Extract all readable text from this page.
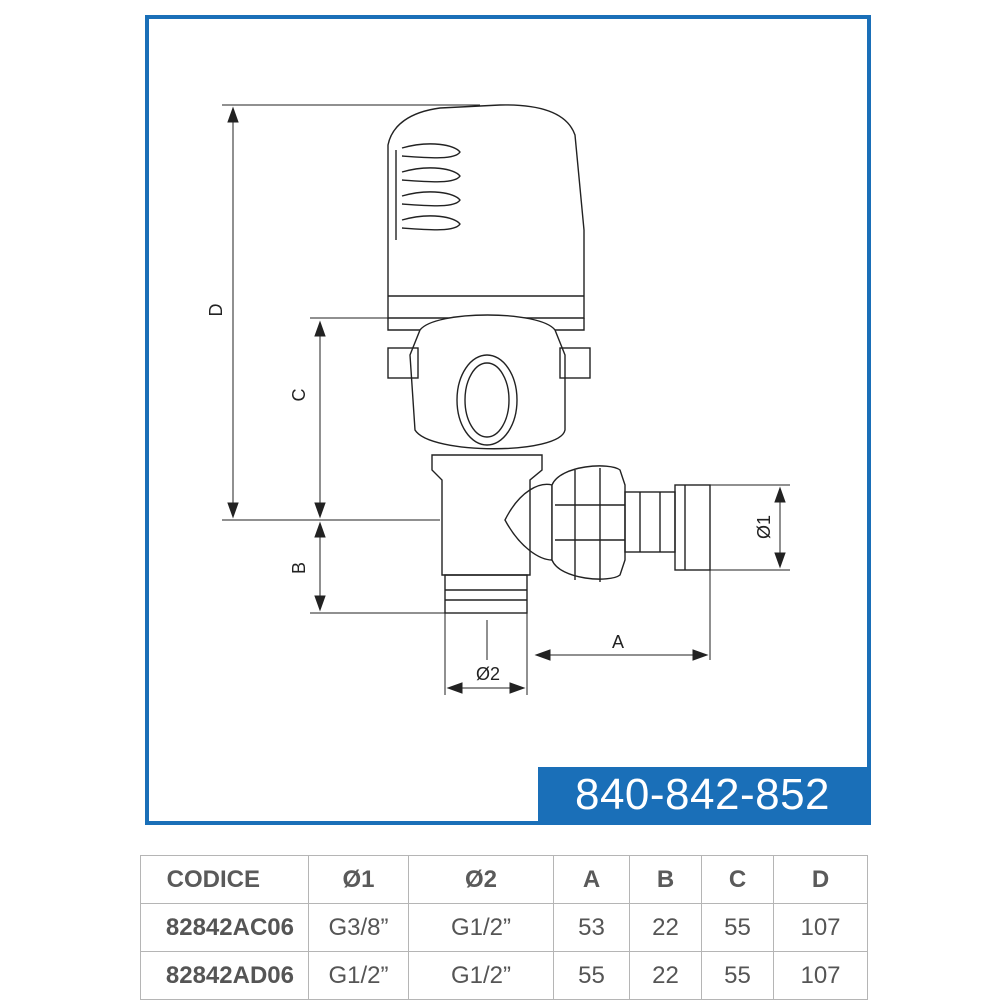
D
C
B
Ø1
A
Ø2
840-842-852
CODICE	Ø1	Ø2	A	B	C	D
82842AC06	G3/8”	G1/2”	53	22	55	107
82842AD06	G1/2”	G1/2”	55	22	55	107
